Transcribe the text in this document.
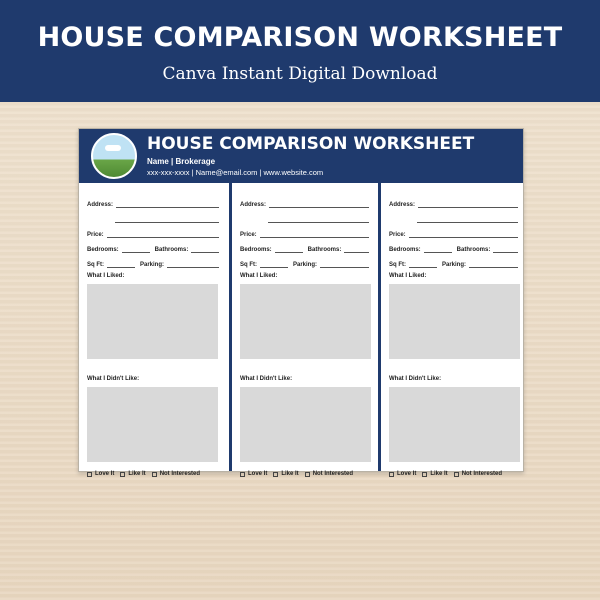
HOUSE COMPARISON WORKSHEET
Canva Instant Digital Download
HOUSE COMPARISON WORKSHEET
Name | Brokerage
xxx-xxx-xxxx | Name@email.com | www.website.com
Address:
Price:
Bedrooms:	Bathrooms:
Sq Ft:	Parking:
What I Liked:
What I Didn't Like:
Love It Like It Not Interested
Address:
Price:
Bedrooms:	Bathrooms:
Sq Ft:	Parking:
What I Liked:
What I Didn't Like:
Love It Like It Not Interested
Address:
Price:
Bedrooms:	Bathrooms:
Sq Ft:	Parking:
What I Liked:
What I Didn't Like:
Love It Like It Not Interested
